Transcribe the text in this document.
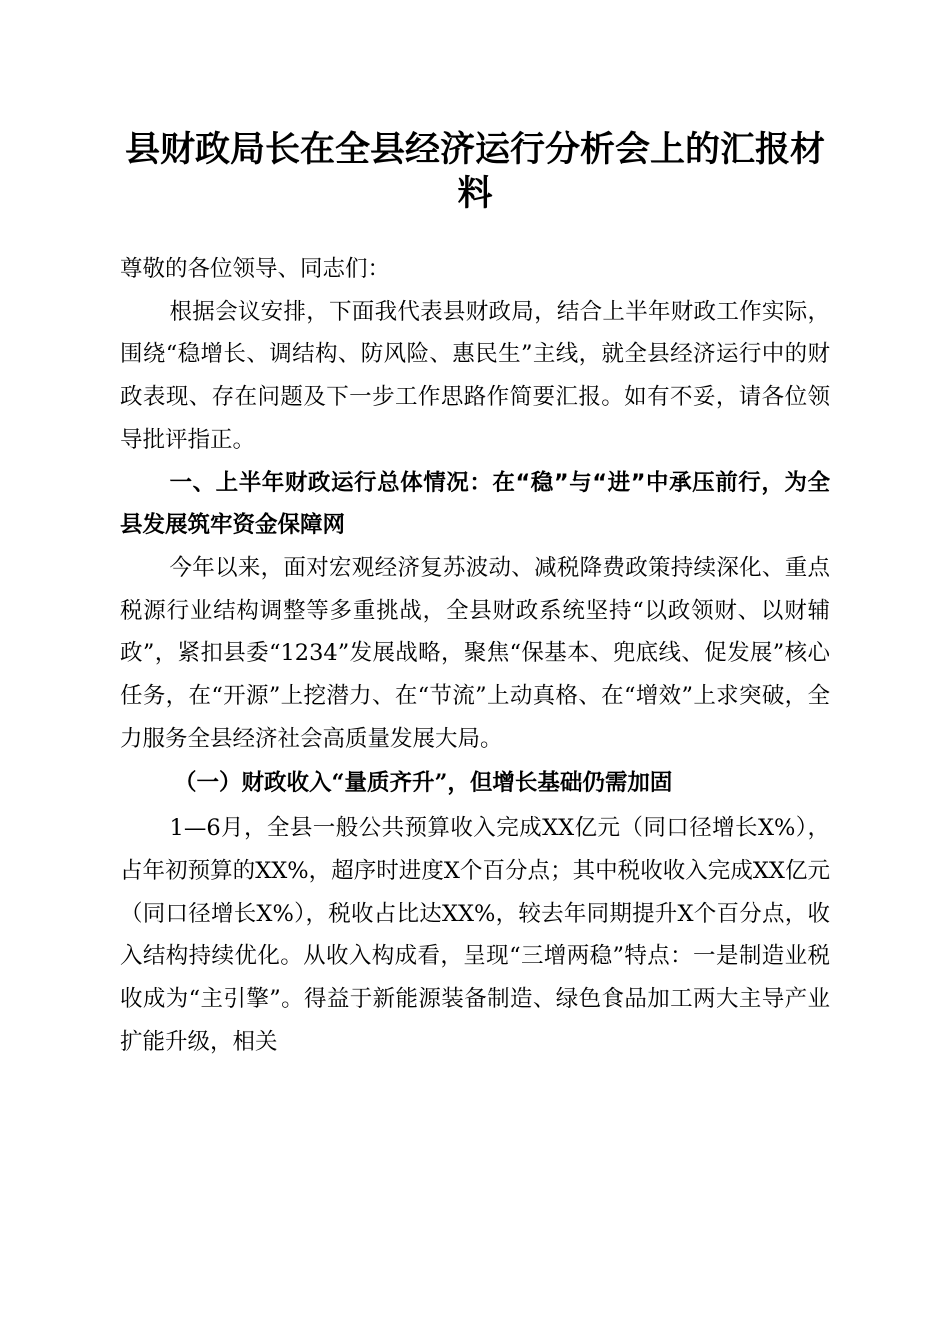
县财政局长在全县经济运行分析会上的汇报材料

尊敬的各位领导、同志们：

根据会议安排，下面我代表县财政局，结合上半年财政工作实际，围绕“稳增长、调结构、防风险、惠民生”主线，就全县经济运行中的财政表现、存在问题及下一步工作思路作简要汇报。如有不妥，请各位领导批评指正。

一、上半年财政运行总体情况：在“稳”与“进”中承压前行，为全县发展筑牢资金保障网

今年以来，面对宏观经济复苏波动、减税降费政策持续深化、重点税源行业结构调整等多重挑战，全县财政系统坚持“以政领财、以财辅政”，紧扣县委“1234”发展战略，聚焦“保基本、兜底线、促发展”核心任务，在“开源”上挖潜力、在“节流”上动真格、在“增效”上求突破，全力服务全县经济社会高质量发展大局。

（一）财政收入“量质齐升”，但增长基础仍需加固

1—6月，全县一般公共预算收入完成XX亿元（同口径增长X%），占年初预算的XX%，超序时进度X个百分点；其中税收收入完成XX亿元（同口径增长X%），税收占比达XX%，较去年同期提升X个百分点，收入结构持续优化。从收入构成看，呈现“三增两稳”特点：一是制造业税收成为“主引擎”。得益于新能源装备制造、绿色食品加工两大主导产业扩能升级，相关
